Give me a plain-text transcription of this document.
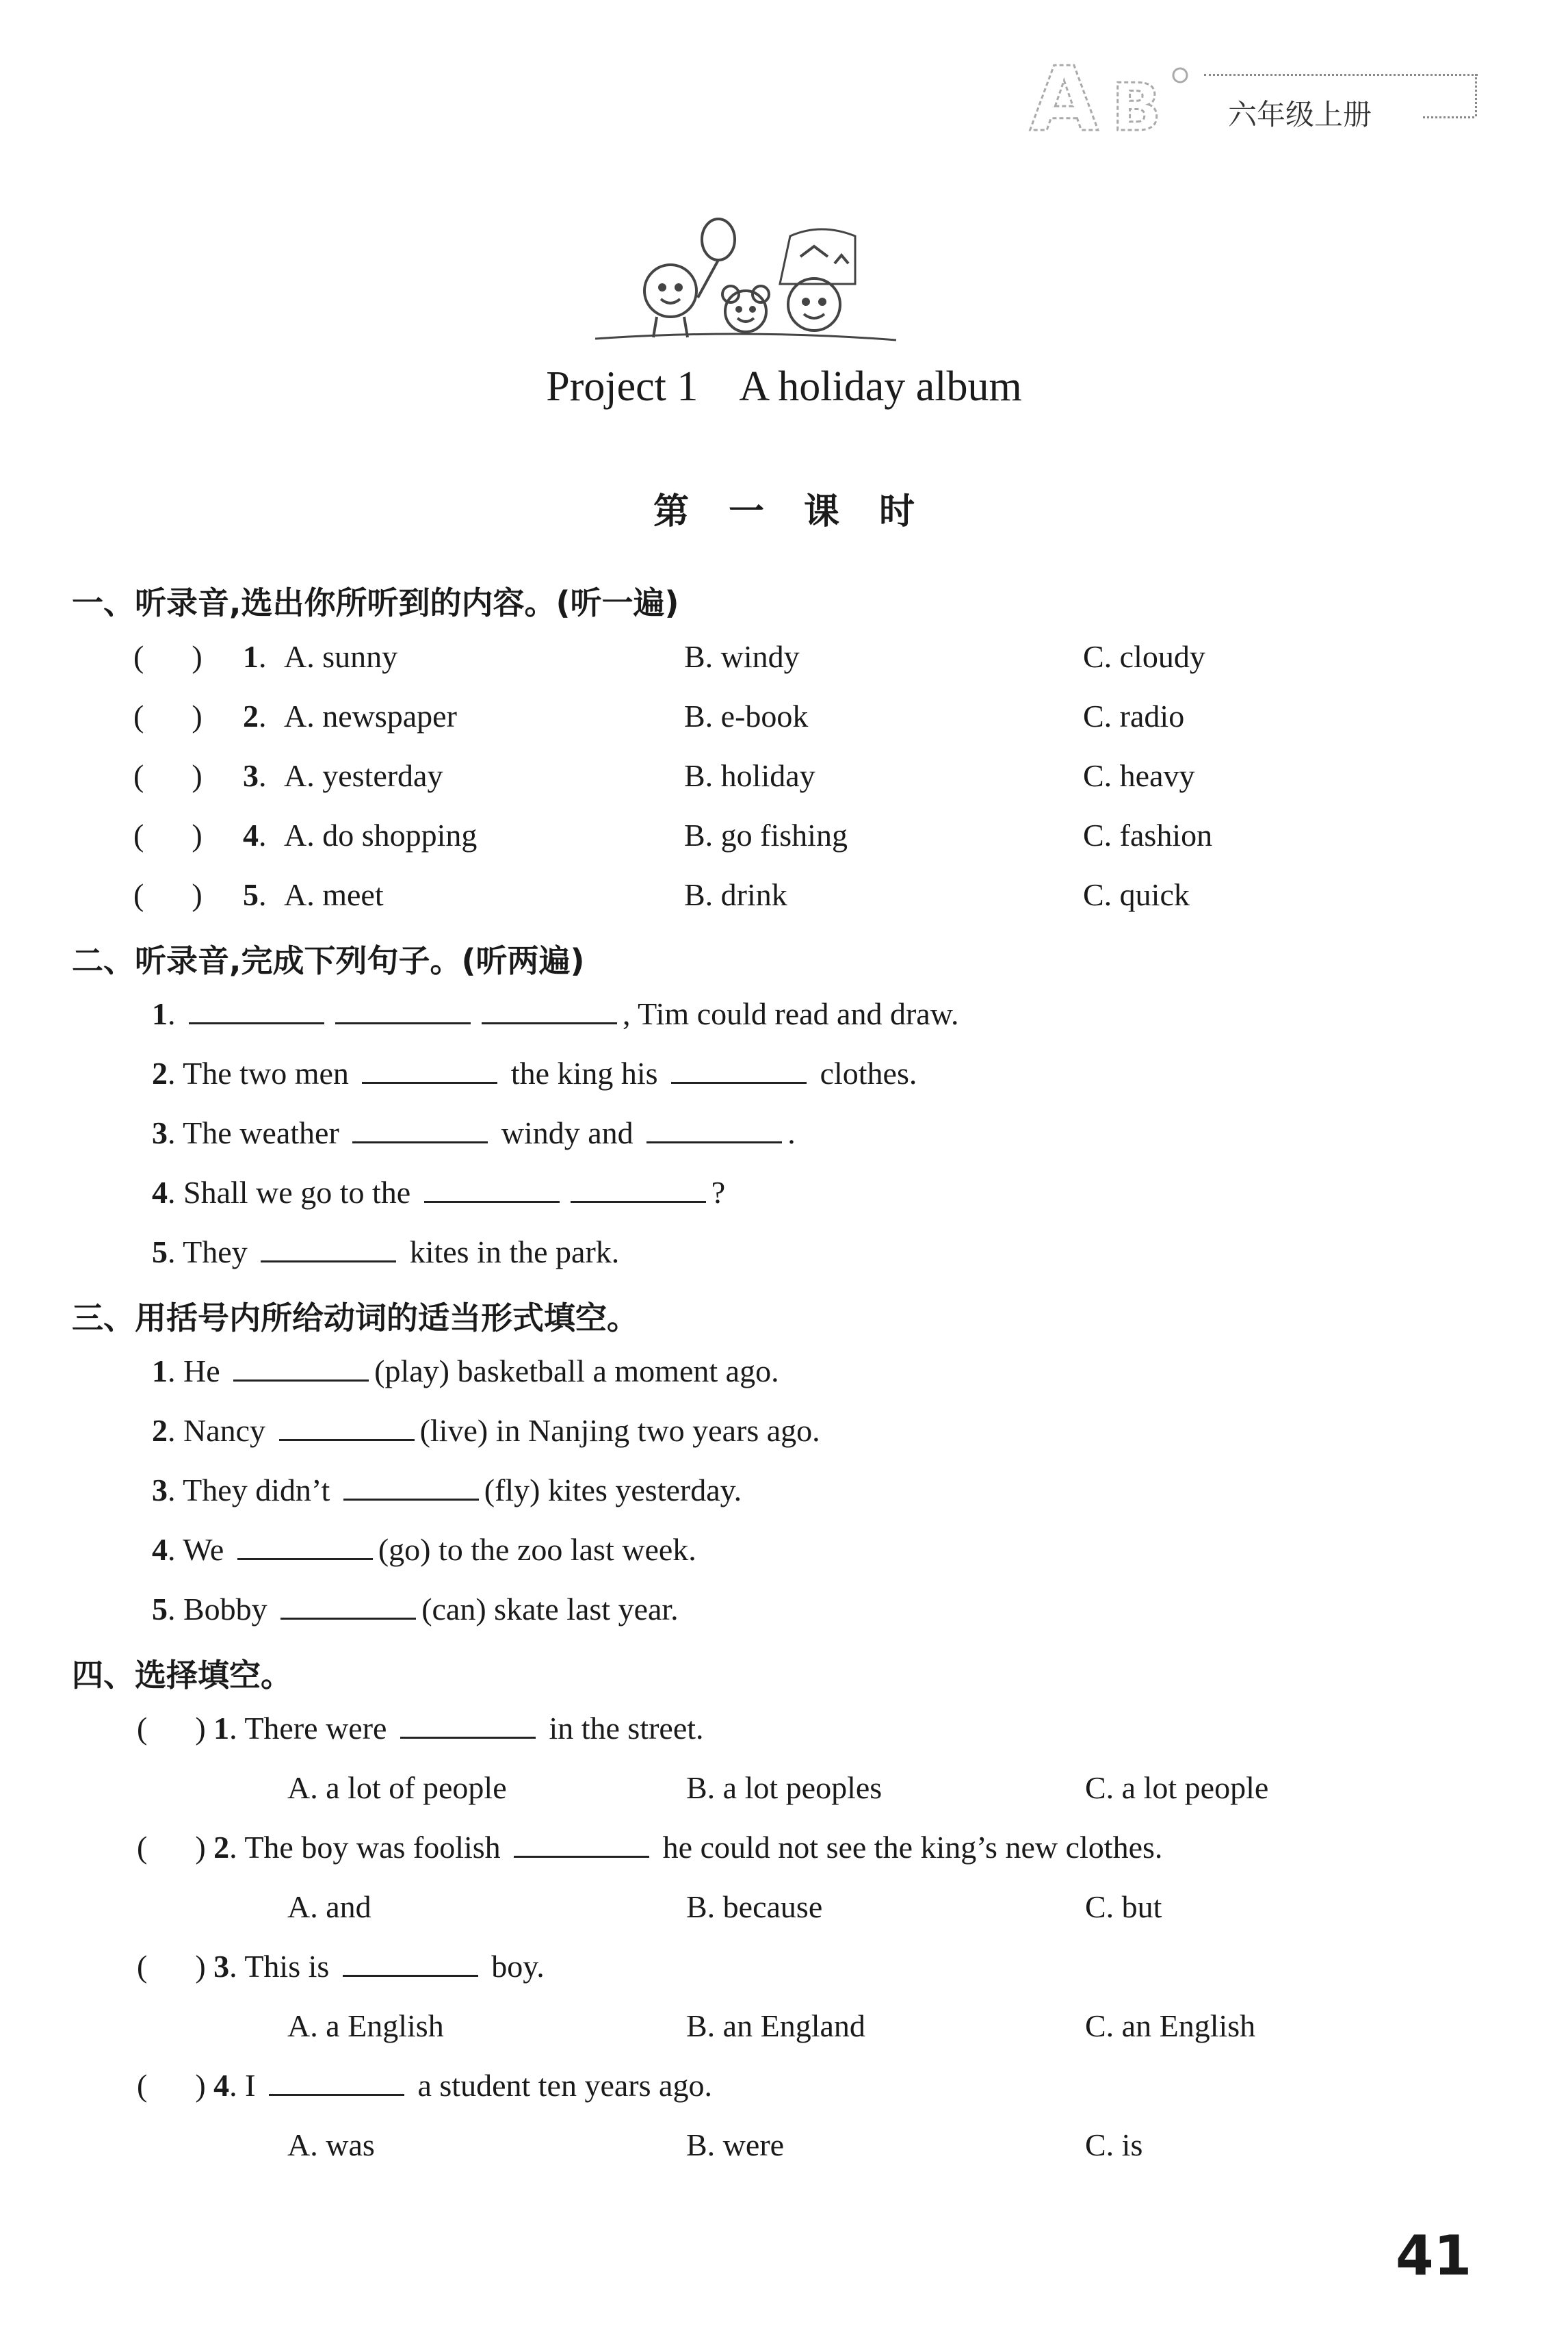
A B 六年级上册
Project 1 A holiday album
第一课时
一、听录音,选出你所听到的内容。(听一遍)
( ) 1. A. sunny	B. windy	C. cloudy
( ) 2. A. newspaper	B. e-book	C. radio
( ) 3. A. yesterday	B. holiday	C. heavy
( ) 4. A. do shopping	B. go fishing	C. fashion
( ) 5. A. meet	B. drink	C. quick
二、听录音,完成下列句子。(听两遍)
1.	, Tim could read and draw.
2. The two men	the king his	clothes.
3. The weather	windy and	.
4. Shall we go to the	?
5. They	kites in the park.
三、用括号内所给动词的适当形式填空。
1. He	(play) basketball a moment ago.
2. Nancy	(live) in Nanjing two years ago.
3. They didn’t	(fly) kites yesterday.
4. We	(go) to the zoo last week.
5. Bobby	(can) skate last year.
四、选择填空。
( ) 1. There were	in the street.
A. a lot of people	B. a lot peoples	C. a lot people
( ) 2. The boy was foolish	he could not see the king’s new clothes.
A. and	B. because	C. but
( ) 3. This is	boy.
A. a English	B. an England	C. an English
( ) 4. I	a student ten years ago.
A. was	B. were	C. is
41
